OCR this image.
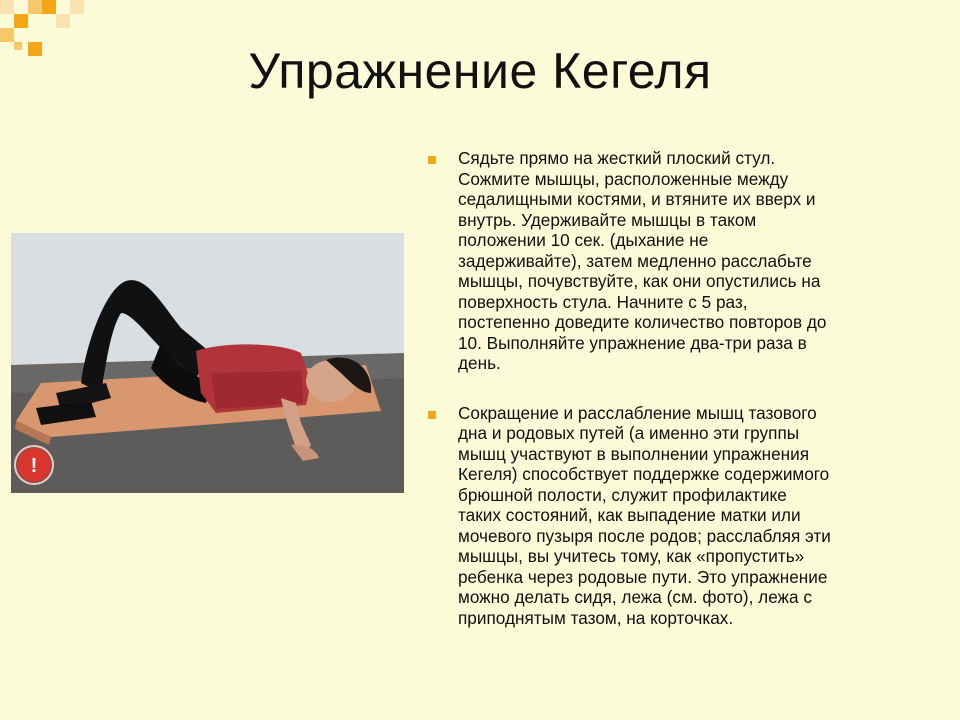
Упражнение Кегеля
!
Сядьте прямо на жесткий плоский стул.
Сожмите мышцы, расположенные между
седалищными костями, и втяните их вверх и
внутрь. Удерживайте мышцы в таком
положении 10 сек. (дыхание не
задерживайте), затем медленно расслабьте
мышцы, почувствуйте, как они опустились на
поверхность стула. Начните с 5 раз,
постепенно доведите количество повторов до
10. Выполняйте упражнение два-три раза в
день.
Сокращение и расслабление мышц тазового
дна и родовых путей (а именно эти группы
мышц участвуют в выполнении упражнения
Кегеля) способствует поддержке содержимого
брюшной полости, служит профилактике
таких состояний, как выпадение матки или
мочевого пузыря после родов; расслабляя эти
мышцы, вы учитесь тому, как «пропустить»
ребенка через родовые пути. Это упражнение
можно делать сидя, лежа (см. фото), лежа с
приподнятым тазом, на корточках.
